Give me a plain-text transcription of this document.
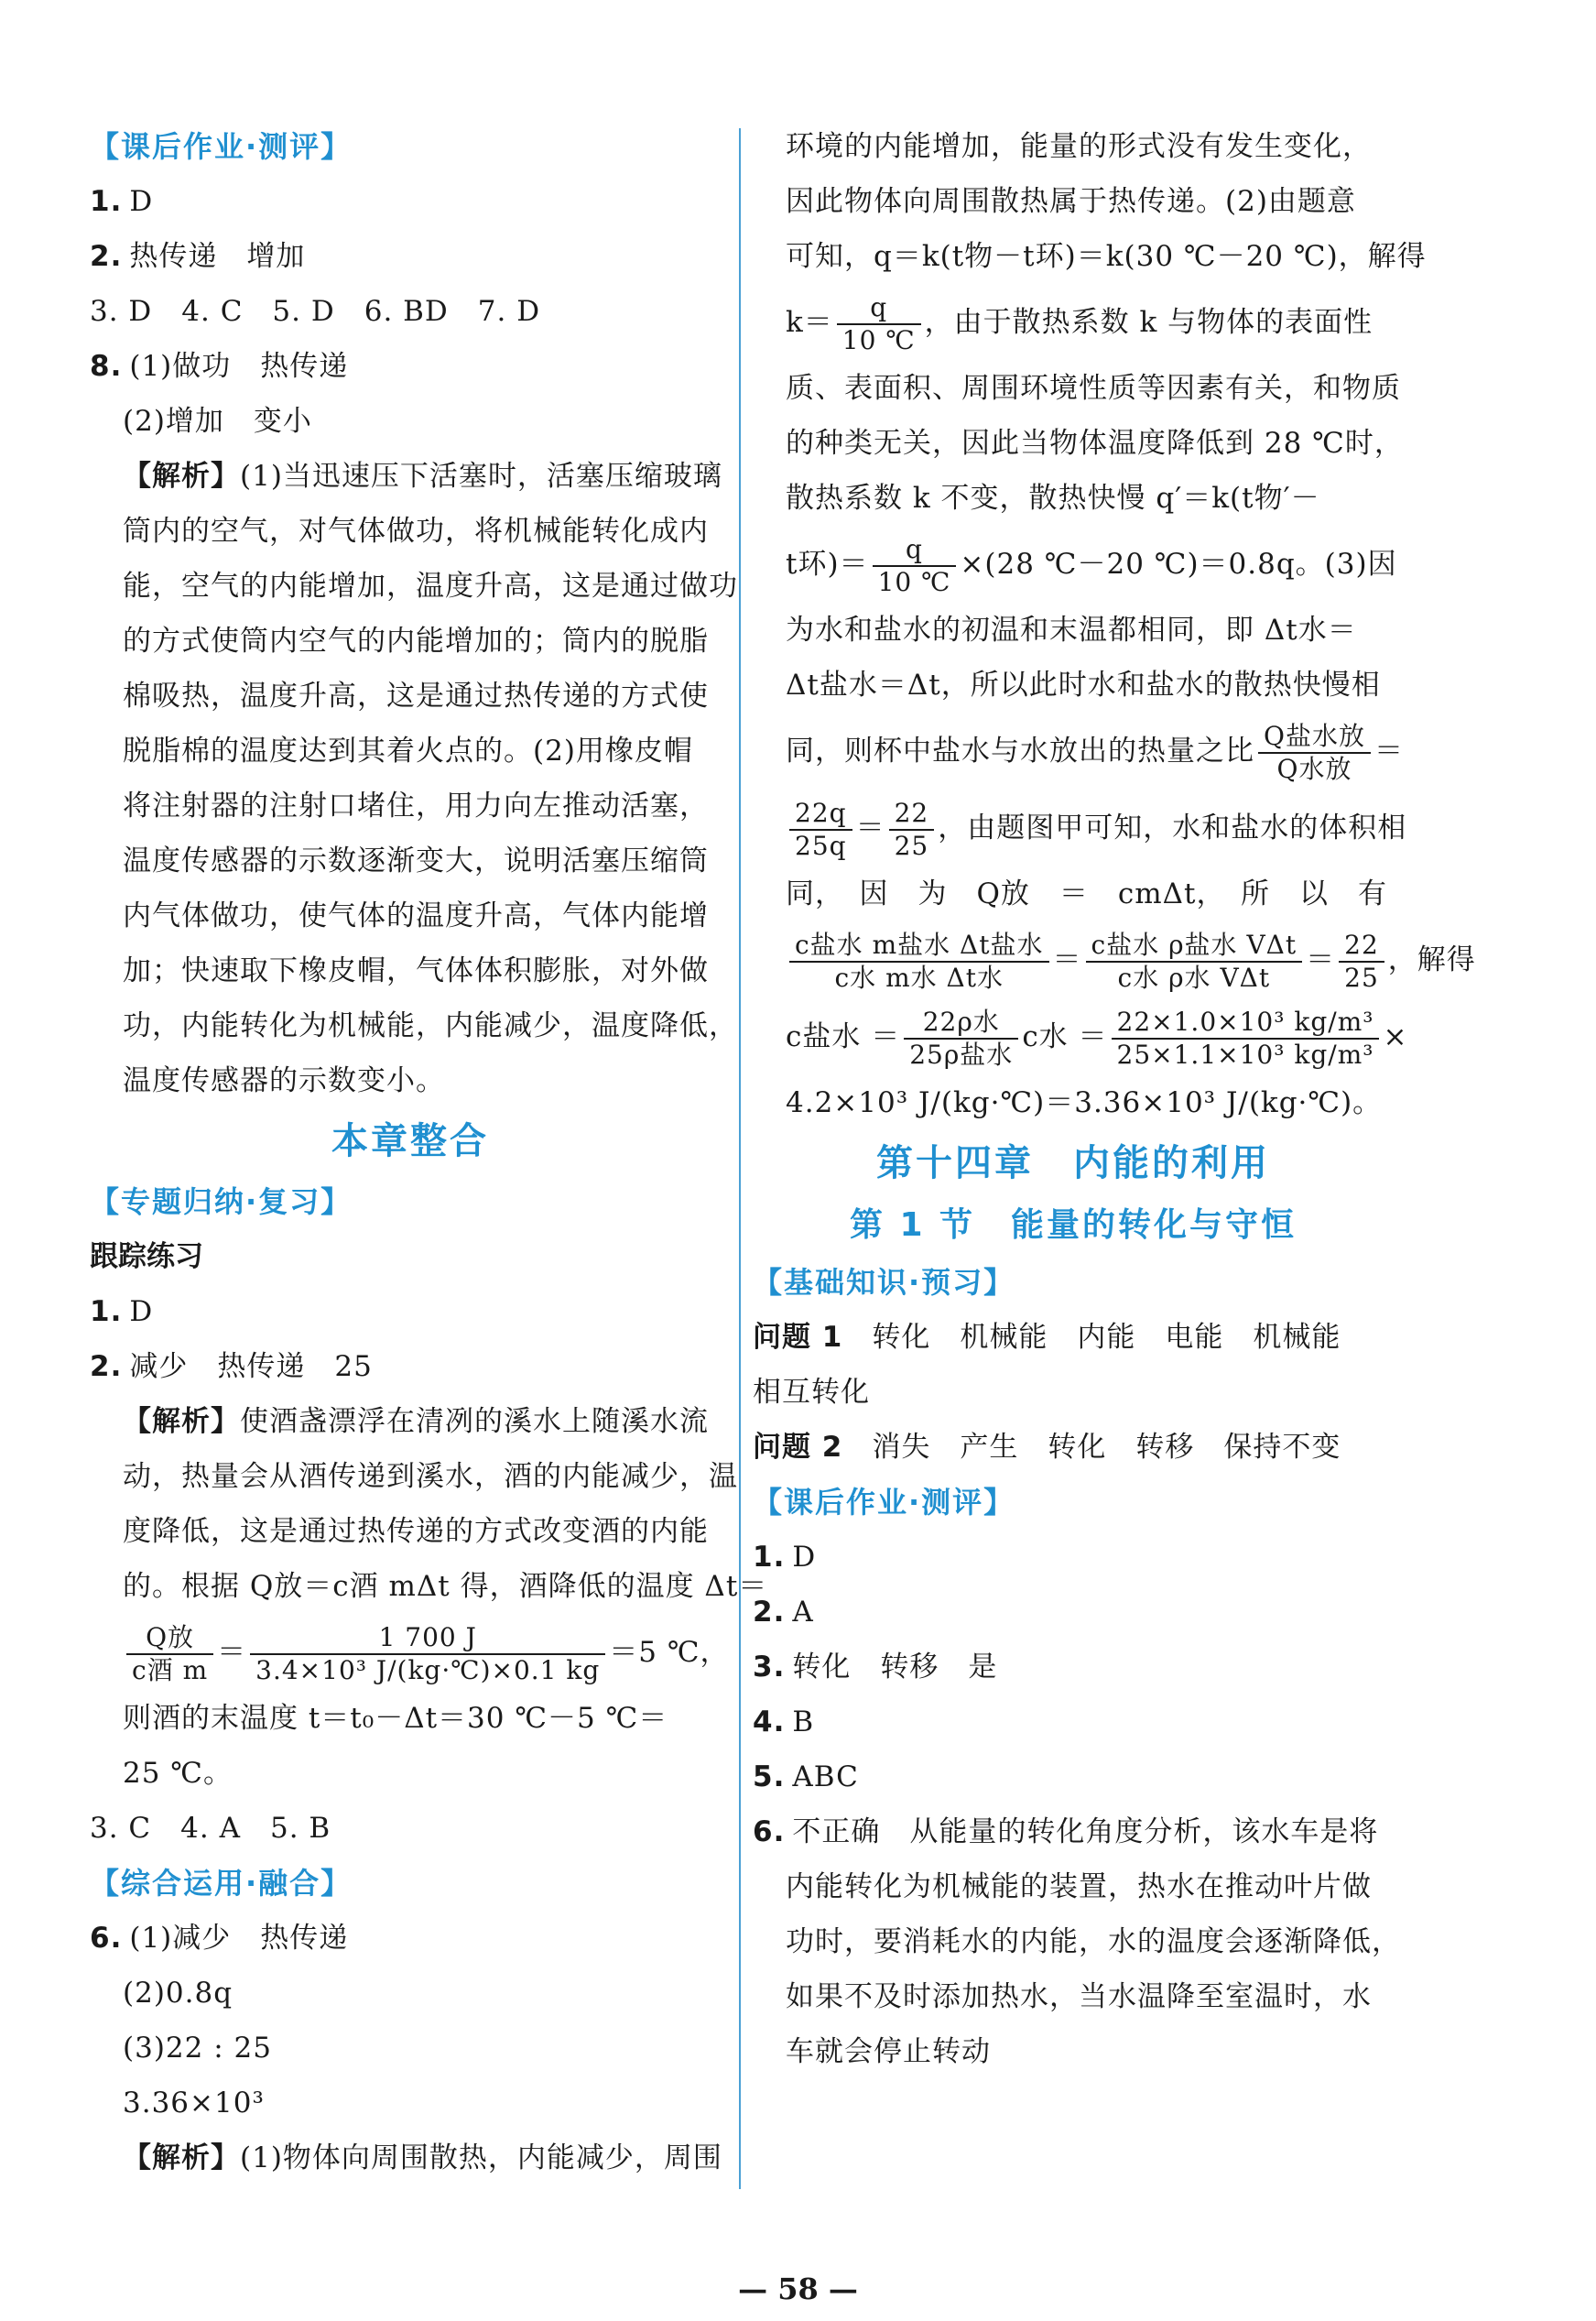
【课后作业·测评】
1. D
2. 热传递　增加
3. D　4. C　5. D　6. BD　7. D
8. (1)做功　热传递
(2)增加　变小
【解析】(1)当迅速压下活塞时，活塞压缩玻璃
筒内的空气，对气体做功，将机械能转化成内
能，空气的内能增加，温度升高，这是通过做功
的方式使筒内空气的内能增加的；筒内的脱脂
棉吸热，温度升高，这是通过热传递的方式使
脱脂棉的温度达到其着火点的。(2)用橡皮帽
将注射器的注射口堵住，用力向左推动活塞，
温度传感器的示数逐渐变大，说明活塞压缩筒
内气体做功，使气体的温度升高，气体内能增
加；快速取下橡皮帽，气体体积膨胀，对外做
功，内能转化为机械能，内能减少，温度降低，
温度传感器的示数变小。
本章整合
【专题归纳·复习】
跟踪练习
1. D
2. 减少　热传递　25
【解析】使酒盏漂浮在清冽的溪水上随溪水流
动，热量会从酒传递到溪水，酒的内能减少，温
度降低，这是通过热传递的方式改变酒的内能
的。根据 Q放＝c酒 mΔt 得，酒降低的温度 Δt＝
$\frac{\text{Q放}}{\text{c酒 m}} = \frac{1 700 J}{\text{3.4×10³ J/(kg·℃)×0.1 kg}} =5$ ℃，
则酒的末温度 t＝t₀－Δt＝30 ℃－5 ℃＝
25 ℃。
3. C　4. A　5. B
【综合运用·融合】
6. (1)减少　热传递
(2)0.8q
(3)22 : 25
3.36×10³
【解析】(1)物体向周围散热，内能减少，周围
环境的内能增加，能量的形式没有发生变化，
因此物体向周围散热属于热传递。(2)由题意
可知，q＝k(t物－t环)＝k(30 ℃－20 ℃)，解得
$k= \frac{q}{10 ℃}$ ，由于散热系数 k 与物体的表面性
质、表面积、周围环境性质等因素有关，和物质
的种类无关，因此当物体温度降低到 28 ℃时，
散热系数 k 不变，散热快慢 q′＝k(t物′－
t环)＝ $\frac{q}{10 ℃} \times(28$ ℃－20 ℃)＝0.8q。(3)因
为水和盐水的初温和末温都相同，即 Δt水＝
Δt盐水＝Δt，所以此时水和盐水的散热快慢相
同，则杯中盐水与水放出的热量之比 $\frac{\text{Q盐水放}}{\text{Q水放}}$ ＝
$\frac{22q}{25q} = \frac{22}{25}$ ，由题图甲可知，水和盐水的体积相
同，　因　为　Q放　＝　cmΔt，　所　以　有
$\frac{\text{c盐水 m盐水 Δt盐水}}{\text{c水 m水 Δt水}} = \frac{\text{c盐水 ρ盐水 VΔt}}{\text{c水 ρ水 VΔt}} = \frac{22}{25}$ ，解得
c盐水 ＝ $\frac{\text{22ρ水}}{\text{25ρ盐水}}$ c水 ＝ $\frac{\text{22×1.0×10³ kg/m³}}{\text{25×1.1×10³ kg/m³}}$ ×
4.2×10³ J/(kg·℃)＝3.36×10³ J/(kg·℃)。
第十四章　内能的利用
第 1 节　能量的转化与守恒
【基础知识·预习】
问题 1　 转化　机械能　内能　电能　机械能
相互转化
问题 2　 消失　产生　转化　转移　保持不变
【课后作业·测评】
1. D
2. A
3. 转化　转移　是
4. B
5. ABC
6. 不正确　从能量的转化角度分析，该水车是将
内能转化为机械能的装置，热水在推动叶片做
功时，要消耗水的内能，水的温度会逐渐降低，
如果不及时添加热水，当水温降至室温时，水
车就会停止转动
— 58 —
